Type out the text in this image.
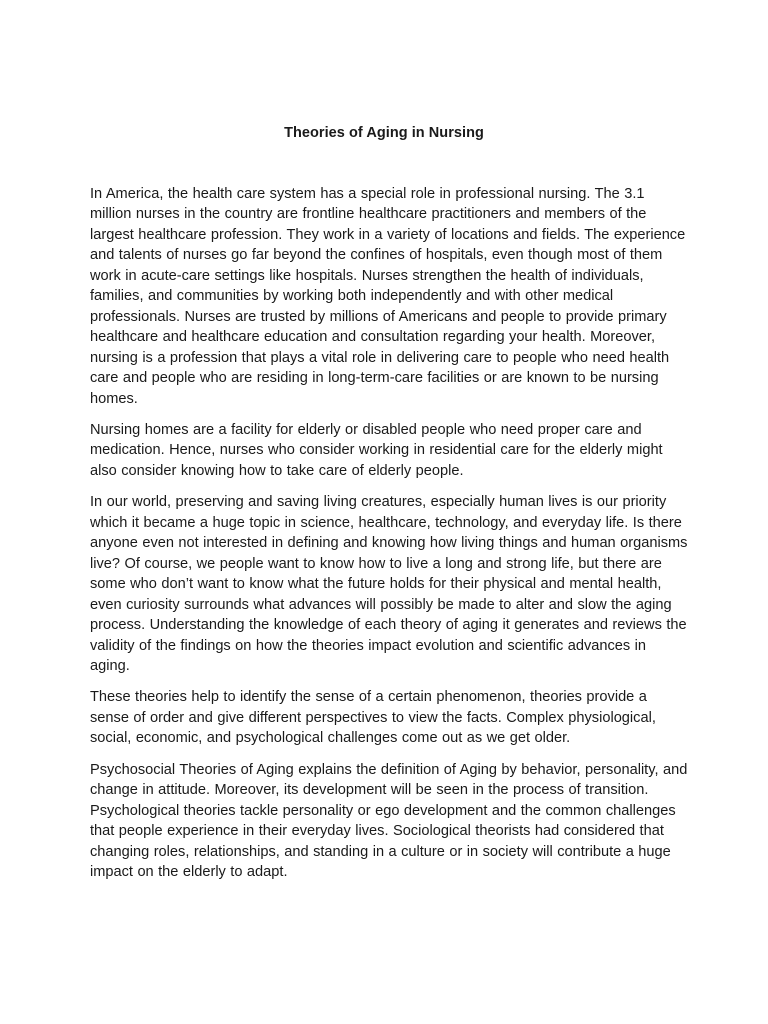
Theories of Aging in Nursing

In America, the health care system has a special role in professional nursing. The 3.1 million nurses in the country are frontline healthcare practitioners and members of the largest healthcare profession. They work in a variety of locations and fields. The experience and talents of nurses go far beyond the confines of hospitals, even though most of them work in acute-care settings like hospitals. Nurses strengthen the health of individuals, families, and communities by working both independently and with other medical professionals. Nurses are trusted by millions of Americans and people to provide primary healthcare and healthcare education and consultation regarding your health. Moreover, nursing is a profession that plays a vital role in delivering care to people who need health care and people who are residing in long-term-care facilities or are known to be nursing homes.

Nursing homes are a facility for elderly or disabled people who need proper care and medication. Hence, nurses who consider working in residential care for the elderly might also consider knowing how to take care of elderly people.

In our world, preserving and saving living creatures, especially human lives is our priority which it became a huge topic in science, healthcare, technology, and everyday life. Is there anyone even not interested in defining and knowing how living things and human organisms live? Of course, we people want to know how to live a long and strong life, but there are some who don’t want to know what the future holds for their physical and mental health, even curiosity surrounds what advances will possibly be made to alter and slow the aging process. Understanding the knowledge of each theory of aging it generates and reviews the validity of the findings on how the theories impact evolution and scientific advances in aging.

These theories help to identify the sense of a certain phenomenon, theories provide a sense of order and give different perspectives to view the facts. Complex physiological, social, economic, and psychological challenges come out as we get older.

Psychosocial Theories of Aging explains the definition of Aging by behavior, personality, and change in attitude. Moreover, its development will be seen in the process of transition. Psychological theories tackle personality or ego development and the common challenges that people experience in their everyday lives. Sociological theorists had considered that changing roles, relationships, and standing in a culture or in society will contribute a huge impact on the elderly to adapt.
